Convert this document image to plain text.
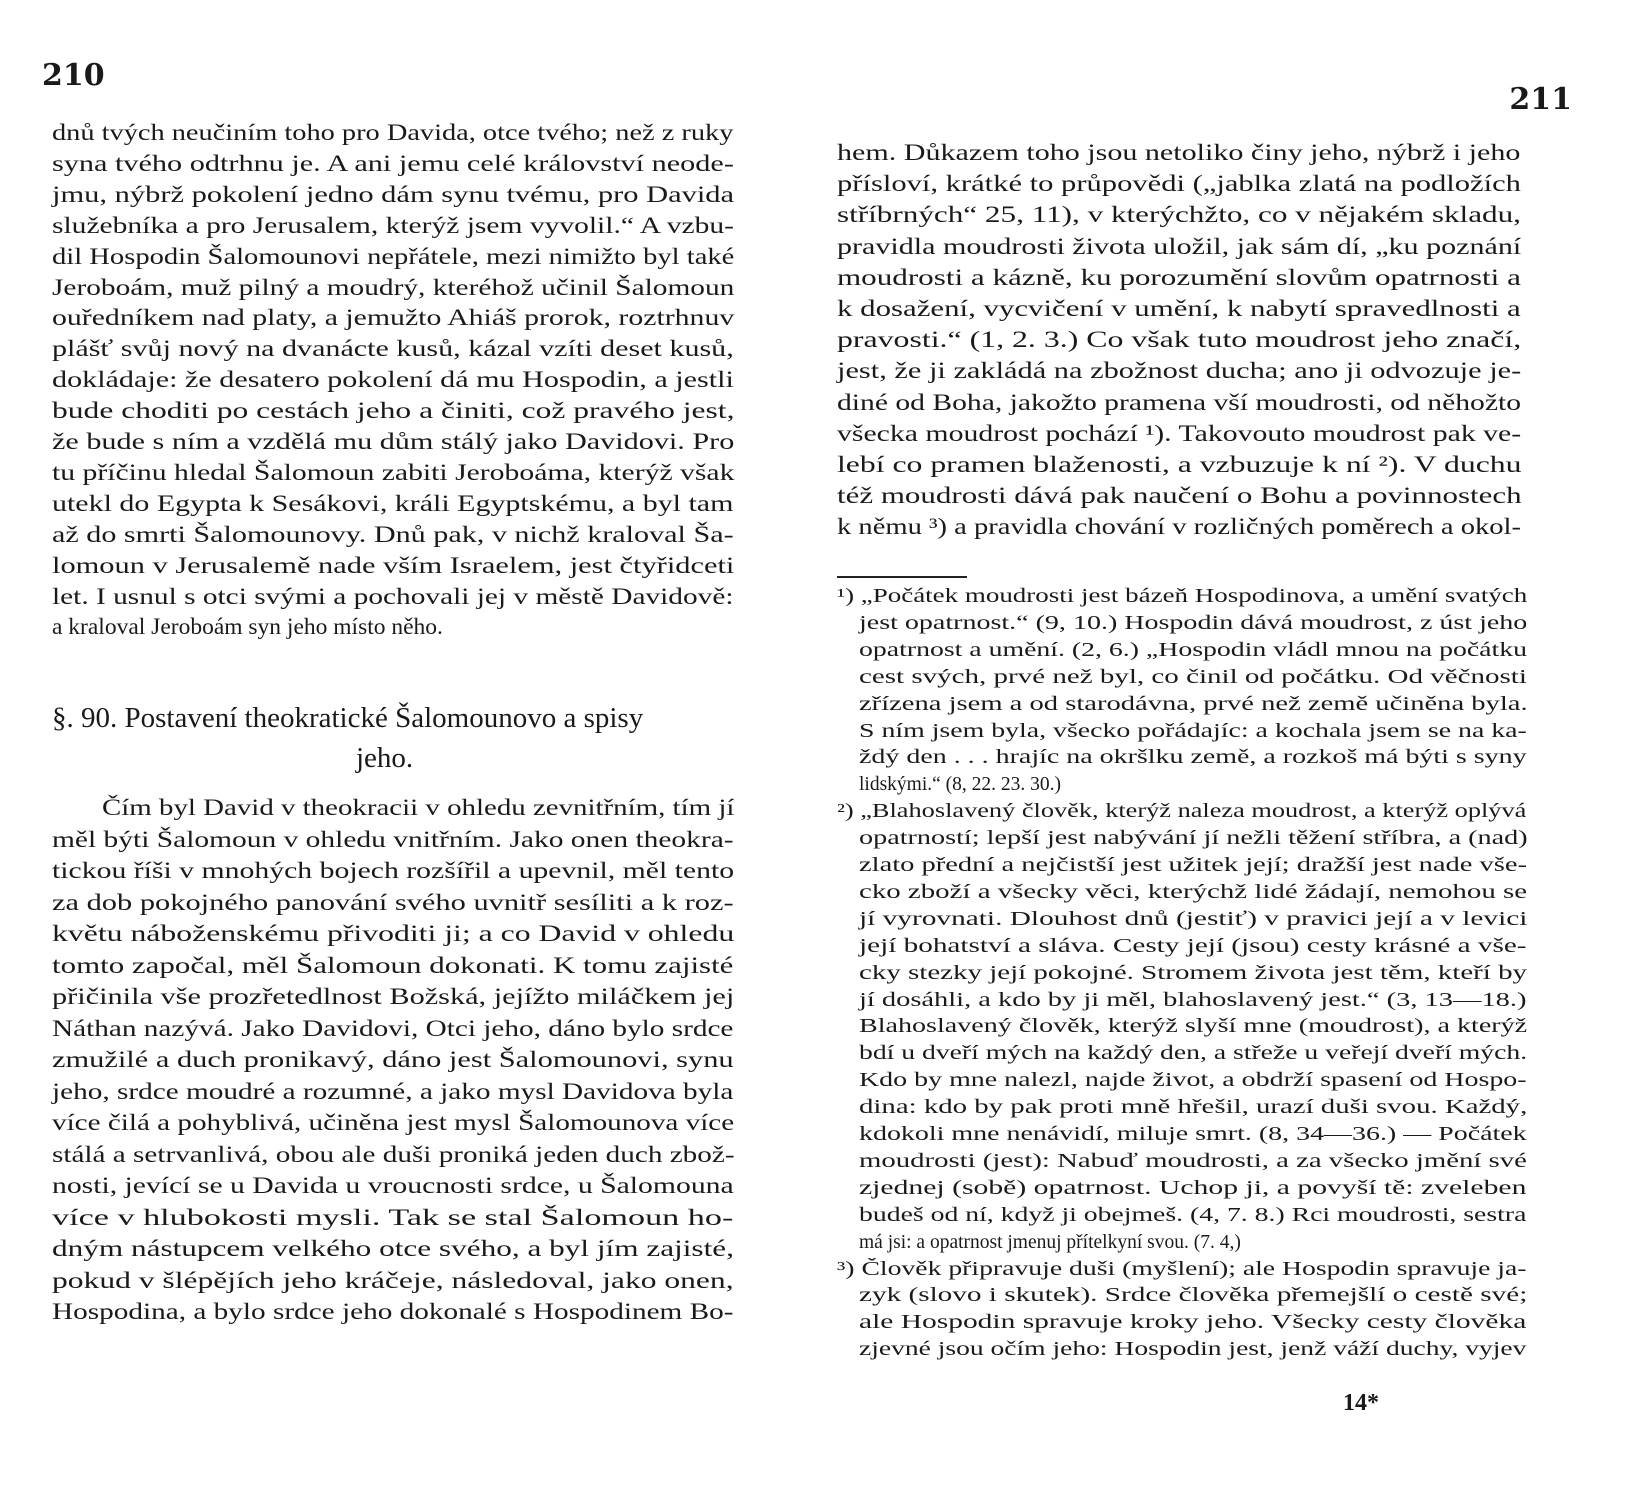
210
dnů tvých neučiním toho pro Davida, otce tvého; než z ruky
syna tvého odtrhnu je. A ani jemu celé království neode-
jmu, nýbrž pokolení jedno dám synu tvému, pro Davida
služebníka a pro Jerusalem, kterýž jsem vyvolil.“ A vzbu-
dil Hospodin Šalomounovi nepřátele, mezi nimižto byl také
Jeroboám, muž pilný a moudrý, kteréhož učinil Šalomoun
ouředníkem nad platy, a jemužto Ahiáš prorok, roztrhnuv
plášť svůj nový na dvanácte kusů, kázal vzíti deset kusů,
dokládaje: že desatero pokolení dá mu Hospodin, a jestli
bude choditi po cestách jeho a činiti, což pravého jest,
že bude s ním a vzdělá mu dům stálý jako Davidovi. Pro
tu příčinu hledal Šalomoun zabiti Jeroboáma, kterýž však
utekl do Egypta k Sesákovi, králi Egyptskému, a byl tam
až do smrti Šalomounovy. Dnů pak, v nichž kraloval Ša-
lomoun v Jerusalemě nade vším Israelem, jest čtyřidceti
let. I usnul s otci svými a pochovali jej v městě Davidově:
a kraloval Jeroboám syn jeho místo něho.
§. 90. Postavení theokratické Šalomounovo a spisy
jeho.
Čím byl David v theokracii v ohledu zevnitřním, tím jí
měl býti Šalomoun v ohledu vnitřním. Jako onen theokra-
tickou říši v mnohých bojech rozšířil a upevnil, měl tento
za dob pokojného panování svého uvnitř sesíliti a k roz-
květu náboženskému přivoditi ji; a co David v ohledu
tomto započal, měl Šalomoun dokonati. K tomu zajisté
přičinila vše prozřetedlnost Božská, jejížto miláčkem jej
Náthan nazývá. Jako Davidovi, Otci jeho, dáno bylo srdce
zmužilé a duch pronikavý, dáno jest Šalomounovi, synu
jeho, srdce moudré a rozumné, a jako mysl Davidova byla
více čilá a pohyblivá, učiněna jest mysl Šalomounova více
stálá a setrvanlivá, obou ale duši proniká jeden duch zbož-
nosti, jevící se u Davida u vroucnosti srdce, u Šalomouna
více v hlubokosti mysli. Tak se stal Šalomoun ho-
dným nástupcem velkého otce svého, a byl jím zajisté,
pokud v šlépějích jeho kráčeje, následoval, jako onen,
Hospodina, a bylo srdce jeho dokonalé s Hospodinem Bo-
211
hem. Důkazem toho jsou netoliko činy jeho, nýbrž i jeho
přísloví, krátké to průpovědi („jablka zlatá na podložích
stříbrných“ 25, 11), v kterýchžto, co v nějakém skladu,
pravidla moudrosti života uložil, jak sám dí, „ku poznání
moudrosti a kázně, ku porozumění slovům opatrnosti a
k dosažení, vycvičení v umění, k nabytí spravedlnosti a
pravosti.“ (1, 2. 3.) Co však tuto moudrost jeho značí,
jest, že ji zakládá na zbožnost ducha; ano ji odvozuje je-
diné od Boha, jakožto pramena vší moudrosti, od něhožto
všecka moudrost pochází ¹). Takovouto moudrost pak ve-
lebí co pramen blaženosti, a vzbuzuje k ní ²). V duchu
též moudrosti dává pak naučení o Bohu a povinnostech
k němu ³) a pravidla chování v rozličných poměrech a okol-
¹) „Počátek moudrosti jest bázeň Hospodinova, a umění svatých
jest opatrnost.“ (9, 10.) Hospodin dává moudrost, z úst jeho
opatrnost a umění. (2, 6.) „Hospodin vládl mnou na počátku
cest svých, prvé než byl, co činil od počátku. Od věčnosti
zřízena jsem a od starodávna, prvé než země učiněna byla.
S ním jsem byla, všecko pořádajíc: a kochala jsem se na ka-
ždý den . . . hrajíc na okršlku země, a rozkoš má býti s syny
lidskými.“ (8, 22. 23. 30.)
²) „Blahoslavený člověk, kterýž naleza moudrost, a kterýž oplývá
opatrností; lepší jest nabývání jí nežli těžení stříbra, a (nad)
zlato přední a nejčistší jest užitek její; dražší jest nade vše-
cko zboží a všecky věci, kterýchž lidé žádají, nemohou se
jí vyrovnati. Dlouhost dnů (jestiť) v pravici její a v levici
její bohatství a sláva. Cesty její (jsou) cesty krásné a vše-
cky stezky její pokojné. Stromem života jest těm, kteří by
jí dosáhli, a kdo by ji měl, blahoslavený jest.“ (3, 13—18.)
Blahoslavený člověk, kterýž slyší mne (moudrost), a kterýž
bdí u dveří mých na každý den, a střeže u veřejí dveří mých.
Kdo by mne nalezl, najde život, a obdrží spasení od Hospo-
dina: kdo by pak proti mně hřešil, urazí duši svou. Každý,
kdokoli mne nenávidí, miluje smrt. (8, 34—36.) — Počátek
moudrosti (jest): Nabuď moudrosti, a za všecko jmění své
zjednej (sobě) opatrnost. Uchop ji, a povyší tě: zveleben
budeš od ní, když ji obejmeš. (4, 7. 8.) Rci moudrosti, sestra
má jsi: a opatrnost jmenuj přítelkyní svou. (7. 4,)
³) Člověk připravuje duši (myšlení); ale Hospodin spravuje ja-
zyk (slovo i skutek). Srdce člověka přemejšlí o cestě své;
ale Hospodin spravuje kroky jeho. Všecky cesty člověka
zjevné jsou očím jeho: Hospodin jest, jenž váží duchy, vyjev
14*
